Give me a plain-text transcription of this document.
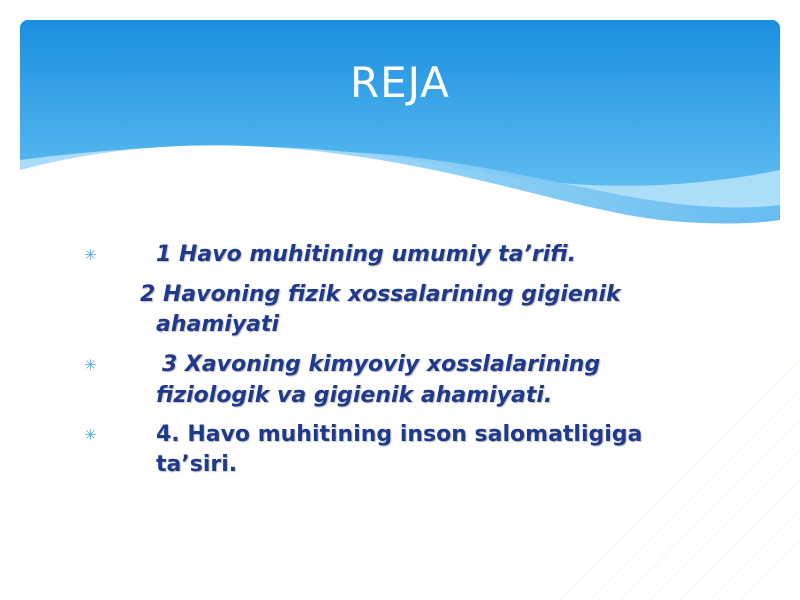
REJA
✳	1 Havo muhitining umumiy ta’rifi.
2 Havoning fizik xossalarining gigienik
ahamiyati
✳	3 Xavoning kimyoviy xosslalarining
fiziologik va gigienik ahamiyati.
✳	4. Havo muhitining inson salomatligiga
ta’siri.
